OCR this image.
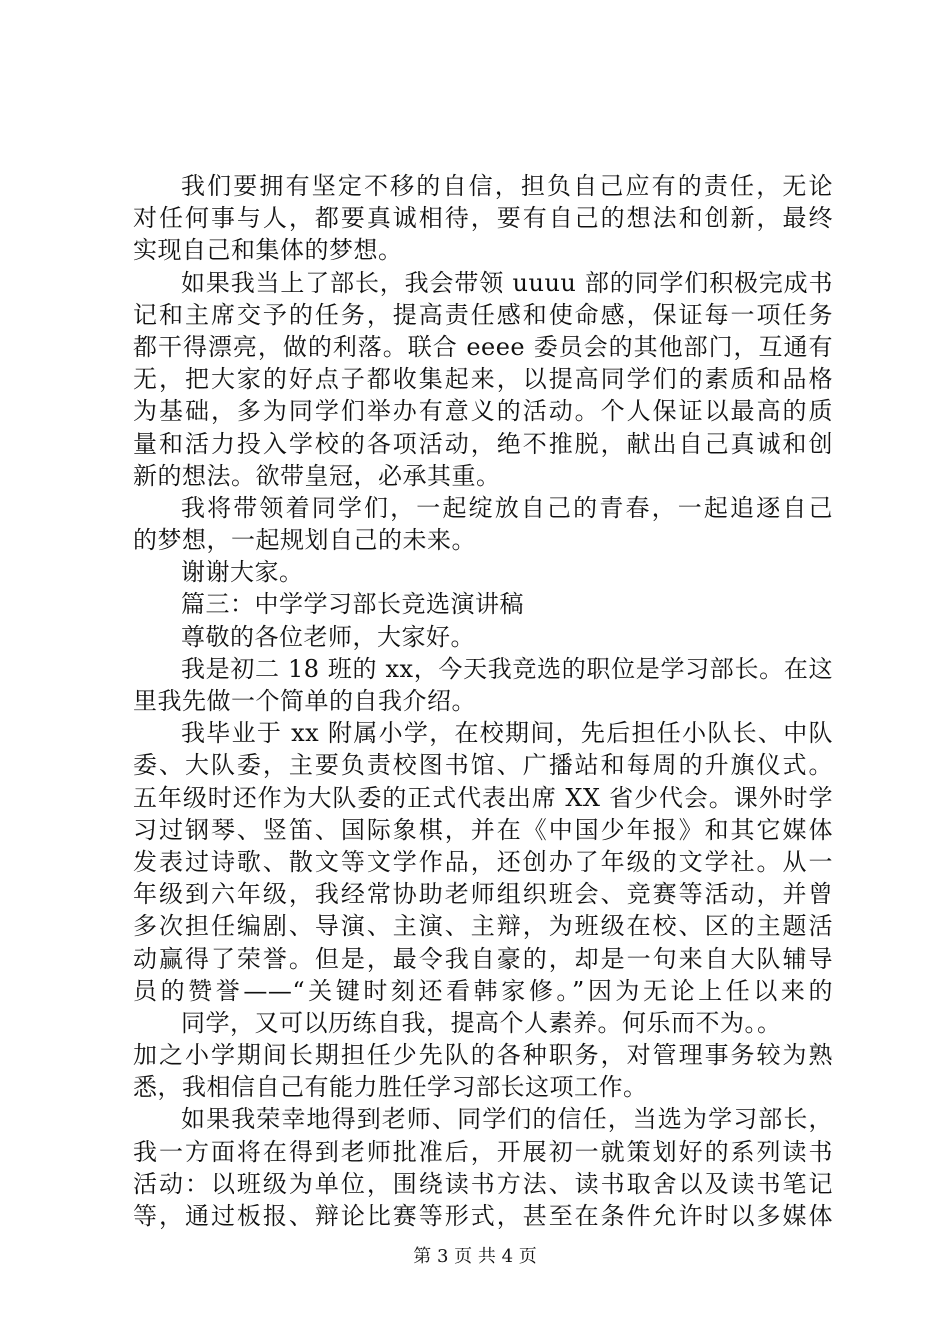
我们要拥有坚定不移的自信，担负自己应有的责任，无论
对任何事与人，都要真诚相待，要有自己的想法和创新，最终
实现自己和集体的梦想。
如果我当上了部长，我会带领 uuuu 部的同学们积极完成书
记和主席交予的任务，提高责任感和使命感，保证每一项任务
都干得漂亮，做的利落。联合 eeee 委员会的其他部门，互通有
无，把大家的好点子都收集起来，以提高同学们的素质和品格
为基础，多为同学们举办有意义的活动。个人保证以最高的质
量和活力投入学校的各项活动，绝不推脱，献出自己真诚和创
新的想法。欲带皇冠，必承其重。
我将带领着同学们，一起绽放自己的青春，一起追逐自己
的梦想，一起规划自己的未来。
谢谢大家。
篇三：中学学习部长竞选演讲稿
尊敬的各位老师，大家好。
我是初二 18 班的 xx，今天我竞选的职位是学习部长。在这
里我先做一个简单的自我介绍。
我毕业于 xx 附属小学，在校期间，先后担任小队长、中队
委、大队委，主要负责校图书馆、广播站和每周的升旗仪式。
五年级时还作为大队委的正式代表出席 XX 省少代会。课外时学
习过钢琴、竖笛、国际象棋，并在《中国少年报》和其它媒体
发表过诗歌、散文等文学作品，还创办了年级的文学社。从一
年级到六年级，我经常协助老师组织班会、竞赛等活动，并曾
多次担任编剧、导演、主演、主辩，为班级在校、区的主题活
动赢得了荣誉。但是，最令我自豪的，却是一句来自大队辅导
员的赞誉——“关键时刻还看韩家修。”因为无论上任以来的
同学，又可以历练自我，提高个人素养。何乐而不为。。
加之小学期间长期担任少先队的各种职务，对管理事务较为熟
悉，我相信自己有能力胜任学习部长这项工作。
如果我荣幸地得到老师、同学们的信任，当选为学习部长，
我一方面将在得到老师批准后，开展初一就策划好的系列读书
活动：以班级为单位，围绕读书方法、读书取舍以及读书笔记
等，通过板报、辩论比赛等形式，甚至在条件允许时以多媒体
第 3 页 共 4 页
